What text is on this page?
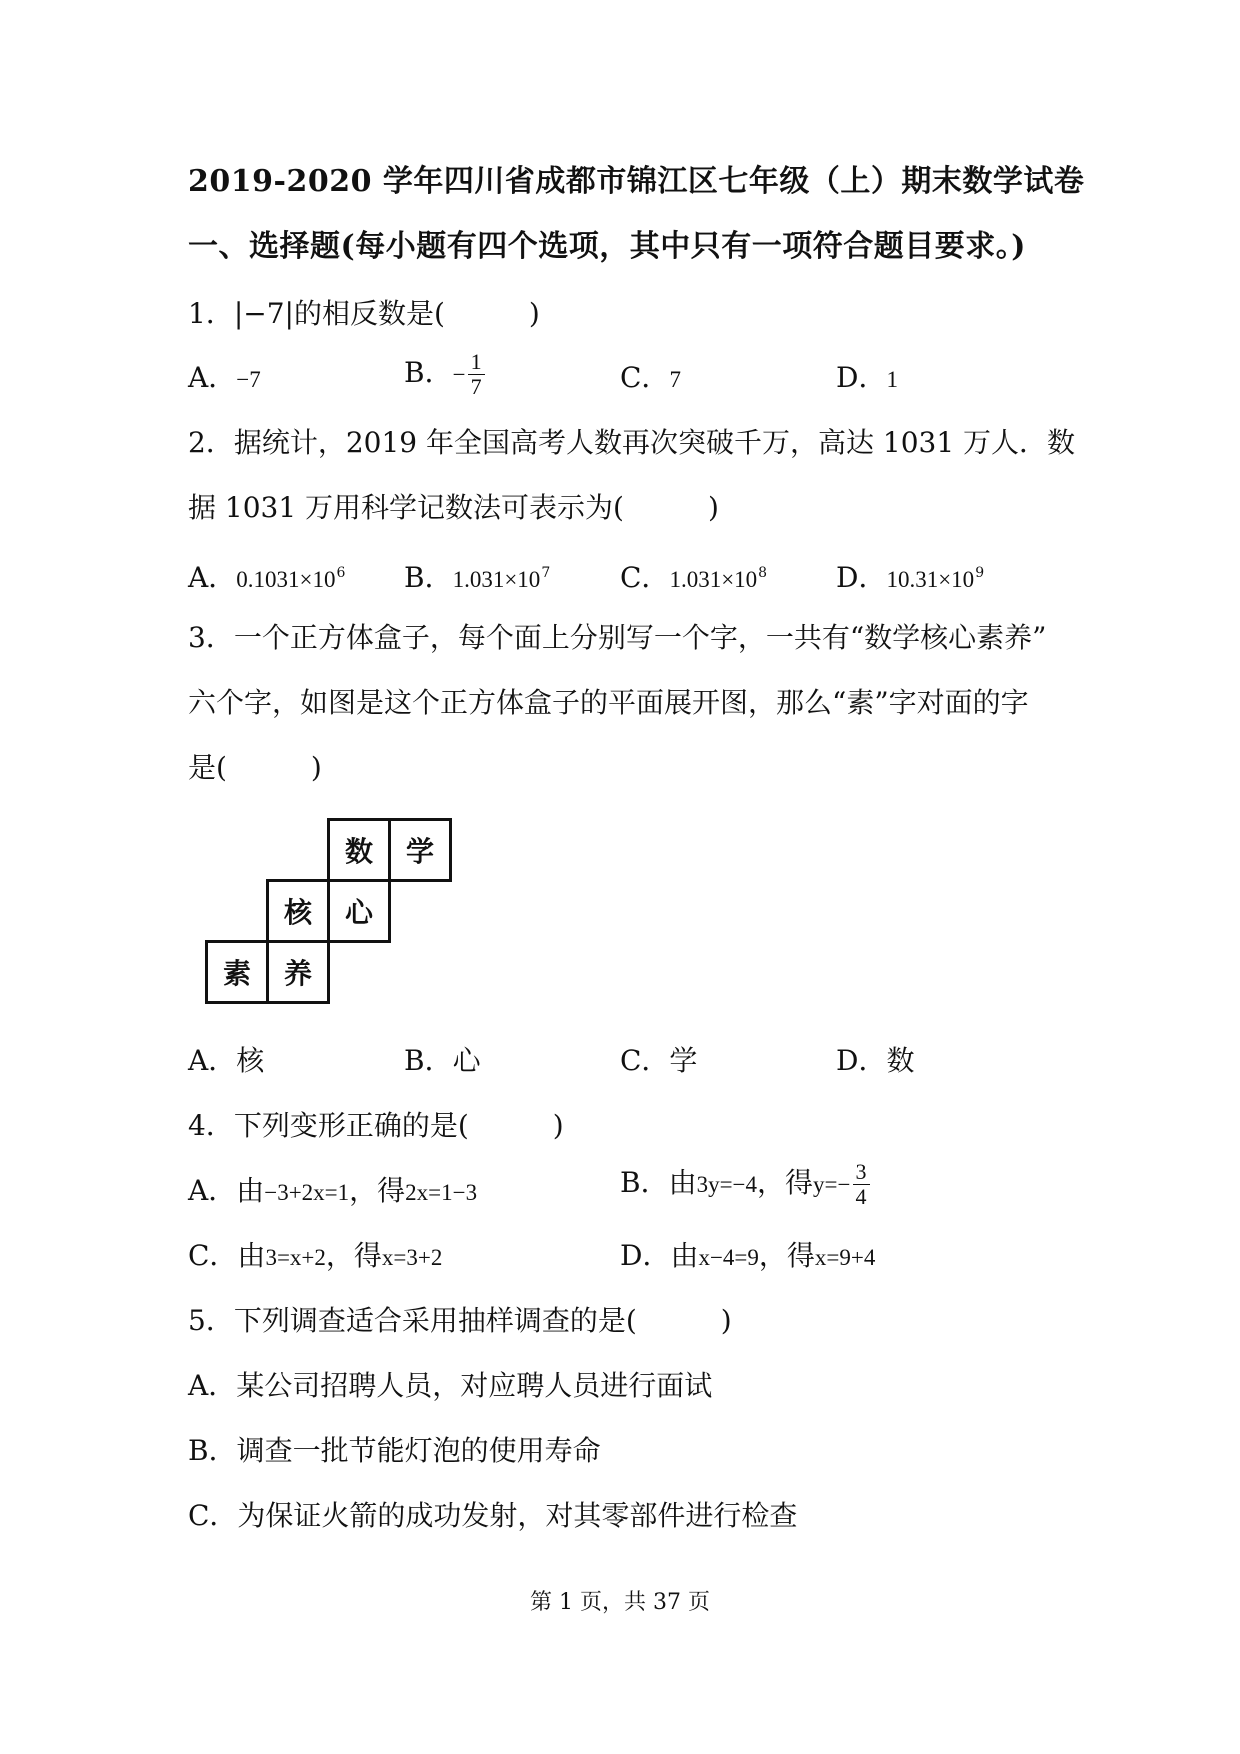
2019-2020 学年四川省成都市锦江区七年级（上）期末数学试卷
一、选择题(每小题有四个选项，其中只有一项符合题目要求。)
1．|−7|的相反数是(　　　)
A．−7	B．− $\frac{1}{7}$	C．7	D．1
2．据统计，2019 年全国高考人数再次突破千万，高达 1031 万人．数
据 1031 万用科学记数法可表示为(　　　)
A．$0.1031\times 10^6$ B．$1.031\times 10^7$ C．$1.031\times 10^8$ D．$10.31\times 10^9$
3．一个正方体盒子，每个面上分别写一个字，一共有“数学核心素养”
六个字，如图是这个正方体盒子的平面展开图，那么“素”字对面的字
是(　　　)
数	学
核	心
素	养
A．核	B．心	C．学	D．数
4．下列变形正确的是(　　　)
A．由−3+2x=1，得2x=1−3	B．由3y=−4，得$y=- \frac{3}{4}$
C．由3=x+2，得x=3+2	D．由x−4=9，得x=9+4
5．下列调查适合采用抽样调查的是(　　　)
A．某公司招聘人员，对应聘人员进行面试
B．调查一批节能灯泡的使用寿命
C．为保证火箭的成功发射，对其零部件进行检查
第 1 页，共 37 页
